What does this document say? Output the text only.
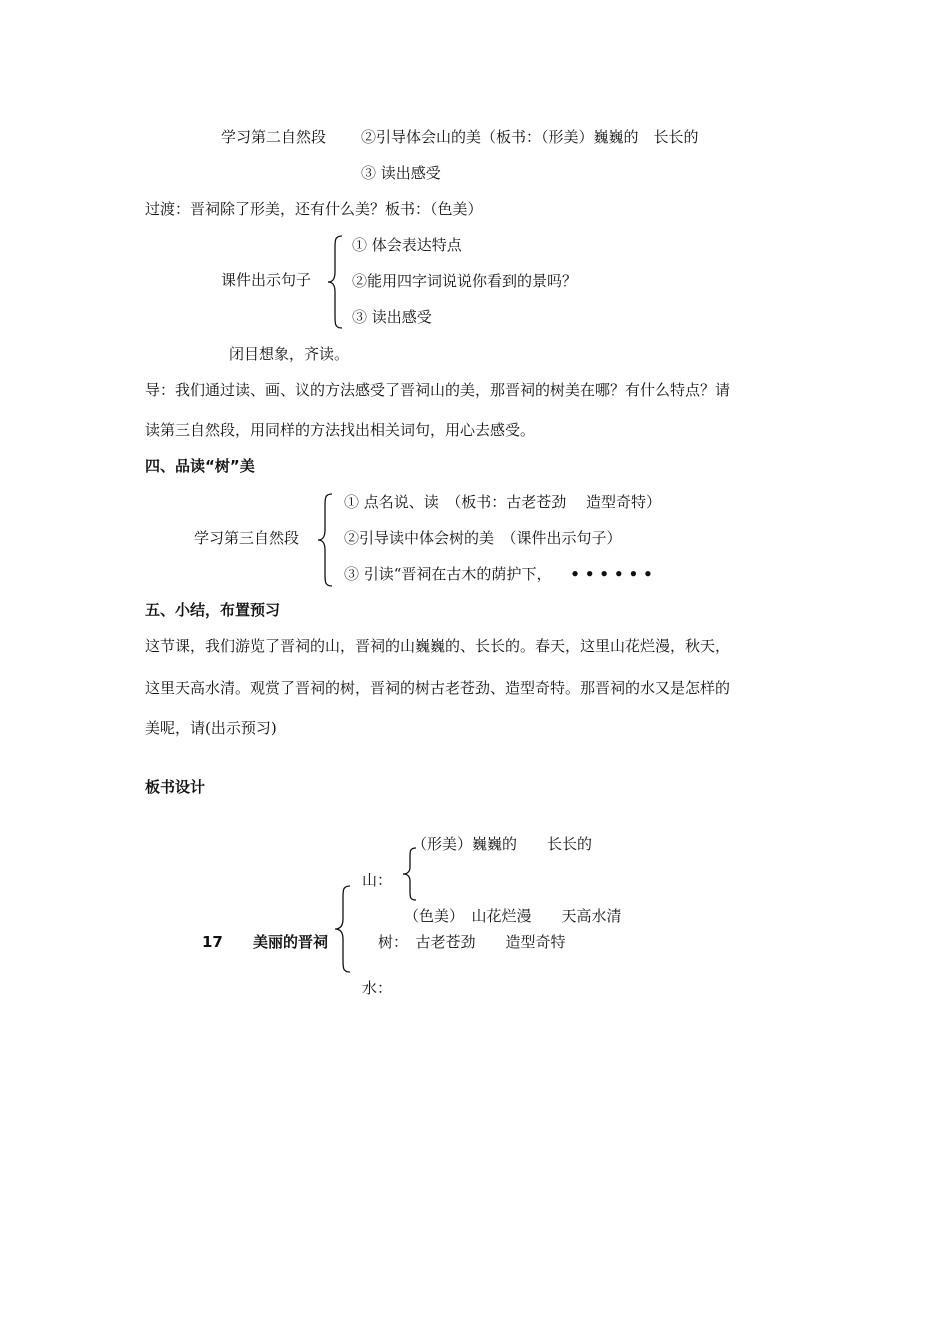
学习第二自然段 ②引导体会山的美（板书：（形美）巍巍的　长长的
③ 读出感受
过渡：晋祠除了形美，还有什么美？板书：（色美）
课件出示句子
① 体会表达特点
②能用四字词说说你看到的景吗？
③ 读出感受
闭目想象，齐读。
导：我们通过读、画、议的方法感受了晋祠山的美，那晋祠的树美在哪？有什么特点？请
读第三自然段，用同样的方法找出相关词句，用心去感受。
四、品读“树”美
学习第三自然段
① 点名说、读　（板书：古老苍劲　 造型奇特）
②引导读中体会树的美　（课件出示句子）
③ 引读“晋祠在古木的荫护下， ••••••
五、小结，布置预习
这节课，我们游览了晋祠的山，晋祠的山巍巍的、长长的。春天，这里山花烂漫，秋天，
这里天高水清。观赏了晋祠的树，晋祠的树古老苍劲、造型奇特。那晋祠的水又是怎样的
美呢，请(出示预习)
板书设计
（形美）巍巍的　　长长的
山：
（色美）　山花烂漫　　天高水清
17 美丽的晋祠	树：　古老苍劲　　造型奇特
水：
